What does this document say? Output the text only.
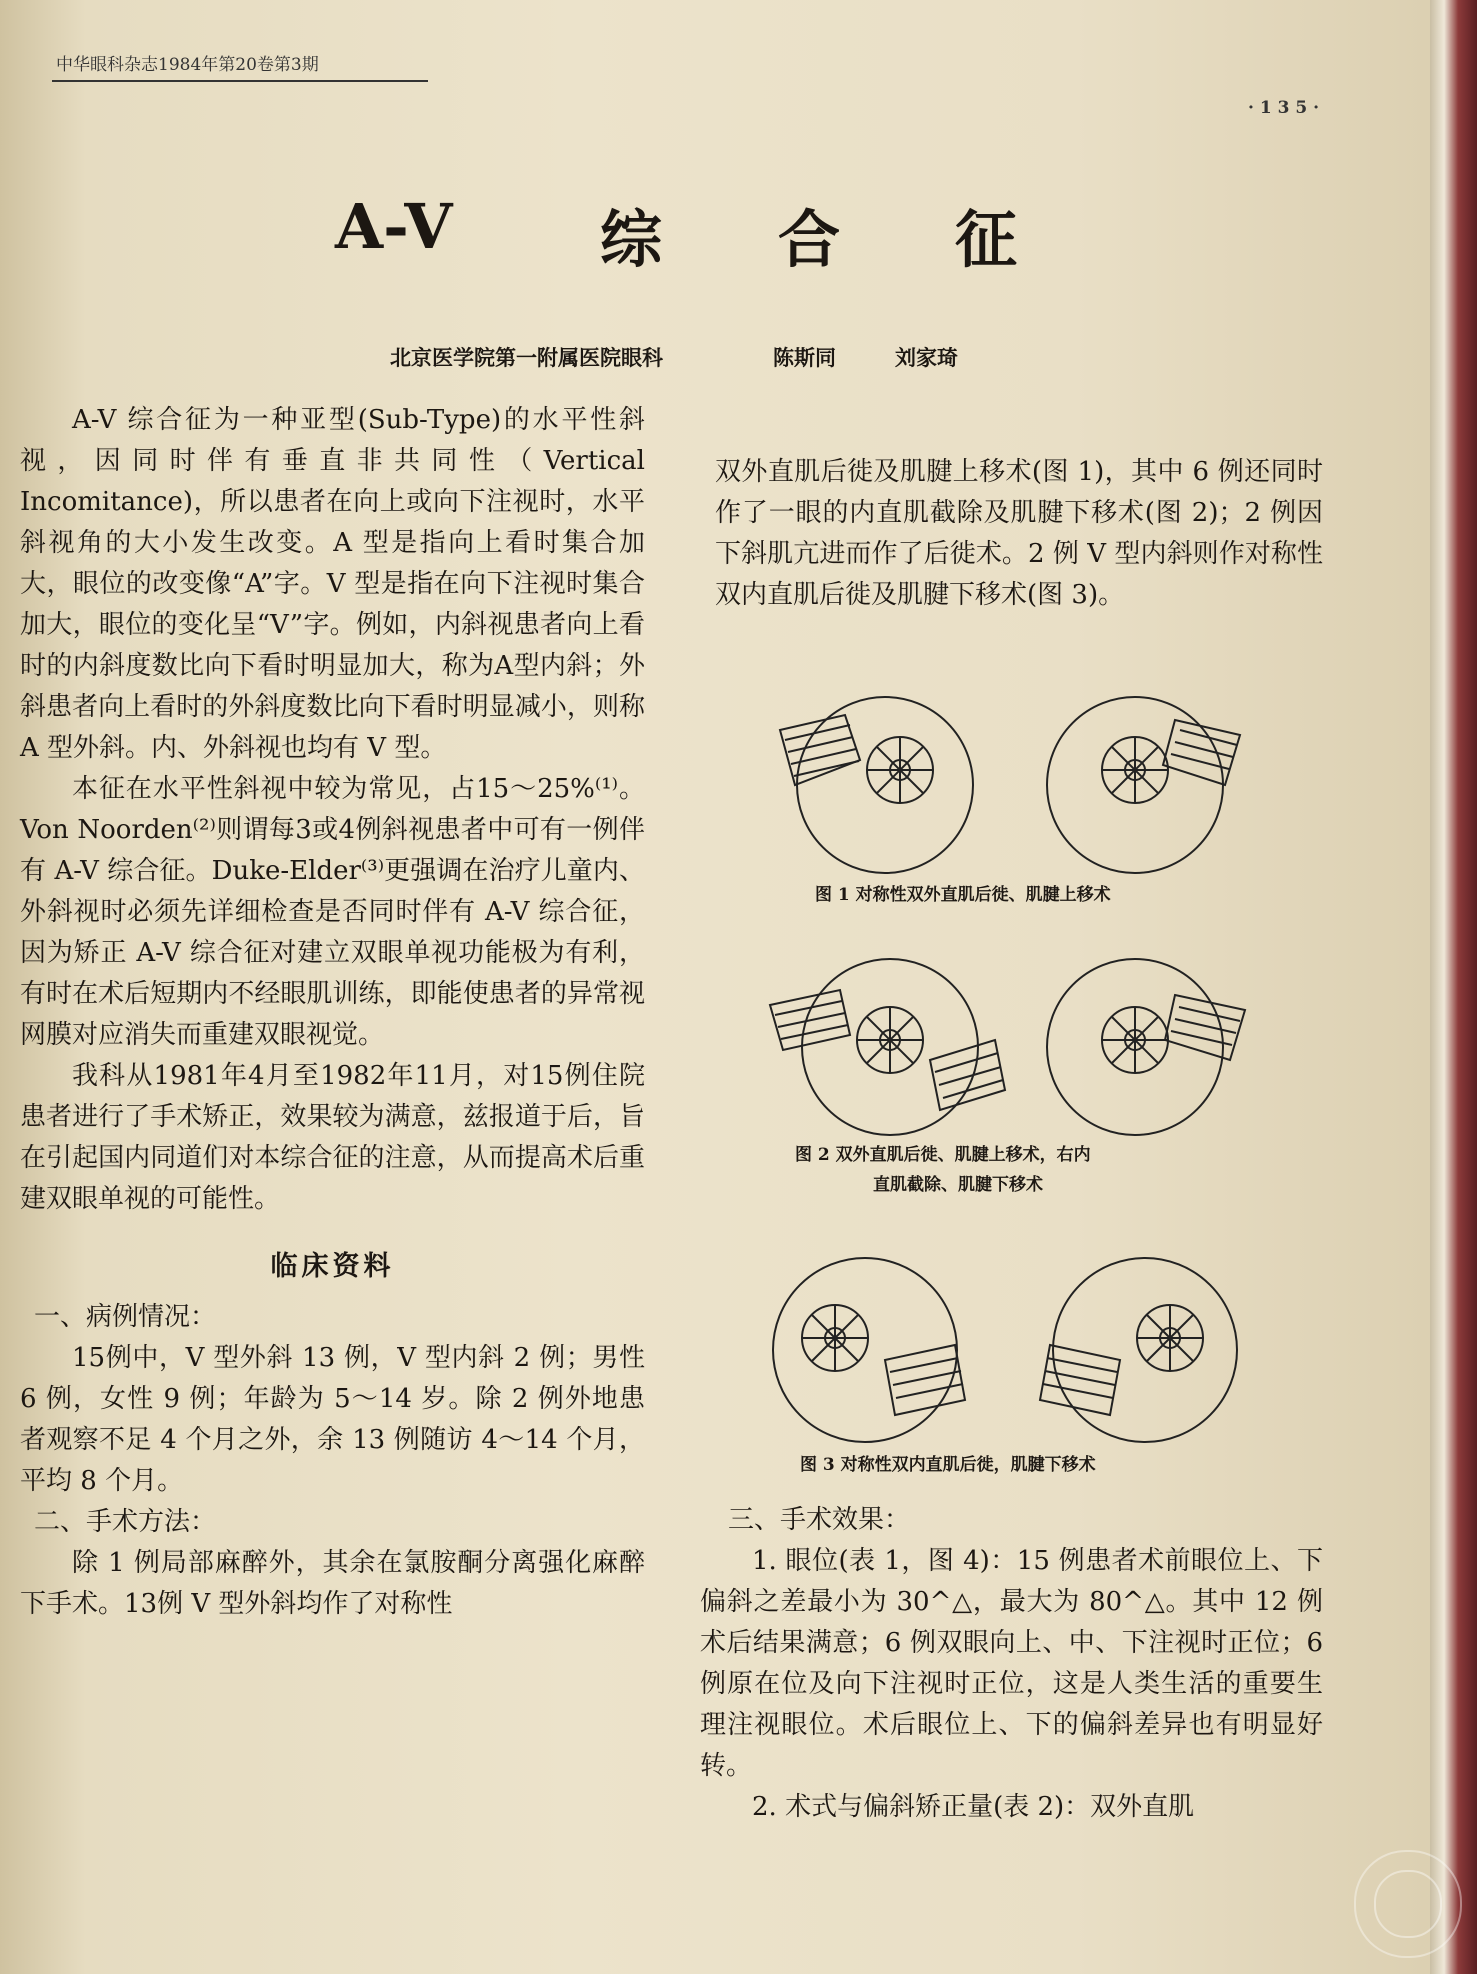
中华眼科杂志1984年第20卷第3期
· 1 3 5 ·
A-V 综 合 征
北京医学院第一附属医院眼科	陈斯同	刘家琦

A-V 综合征为一种亚型(Sub-Type)的水平性斜视，因同时伴有垂直非共同性（Vertical Incomitance)，所以患者在向上或向下注视时，水平斜视角的大小发生改变。A 型是指向上看时集合加大，眼位的改变像“A”字。V 型是指在向下注视时集合加大，眼位的变化呈“V”字。例如，内斜视患者向上看时的内斜度数比向下看时明显加大，称为A型内斜；外斜患者向上看时的外斜度数比向下看时明显减小，则称 A 型外斜。内、外斜视也均有 V 型。

本征在水平性斜视中较为常见，占15～25%⁽¹⁾。Von Noorden⁽²⁾则谓每3或4例斜视患者中可有一例伴有 A-V 综合征。Duke-Elder⁽³⁾更强调在治疗儿童内、外斜视时必须先详细检查是否同时伴有 A-V 综合征，因为矫正 A-V 综合征对建立双眼单视功能极为有利，有时在术后短期内不经眼肌训练，即能使患者的异常视网膜对应消失而重建双眼视觉。

我科从1981年4月至1982年11月，对15例住院患者进行了手术矫正，效果较为满意，兹报道于后，旨在引起国内同道们对本综合征的注意，从而提高术后重建双眼单视的可能性。

临床资料

一、病例情况：

15例中，V 型外斜 13 例，V 型内斜 2 例；男性 6 例，女性 9 例；年龄为 5～14 岁。除 2 例外地患者观察不足 4 个月之外，余 13 例随访 4～14 个月，平均 8 个月。

二、手术方法：

除 1 例局部麻醉外，其余在氯胺酮分离强化麻醉下手术。13例 V 型外斜均作了对称性

双外直肌后徙及肌腱上移术(图 1)，其中 6 例还同时作了一眼的内直肌截除及肌腱下移术(图 2)；2 例因下斜肌亢进而作了后徙术。2 例 V 型内斜则作对称性双内直肌后徙及肌腱下移术(图 3)。

图 1 对称性双外直肌后徙、肌腱上移术
图 2 双外直肌后徙、肌腱上移术，右内
直肌截除、肌腱下移术
图 3 对称性双内直肌后徙，肌腱下移术

三、手术效果：

1. 眼位(表 1，图 4)：15 例患者术前眼位上、下偏斜之差最小为 30^△，最大为 80^△。其中 12 例术后结果满意；6 例双眼向上、中、下注视时正位；6 例原在位及向下注视时正位，这是人类生活的重要生理注视眼位。术后眼位上、下的偏斜差异也有明显好转。

2. 术式与偏斜矫正量(表 2)：双外直肌
